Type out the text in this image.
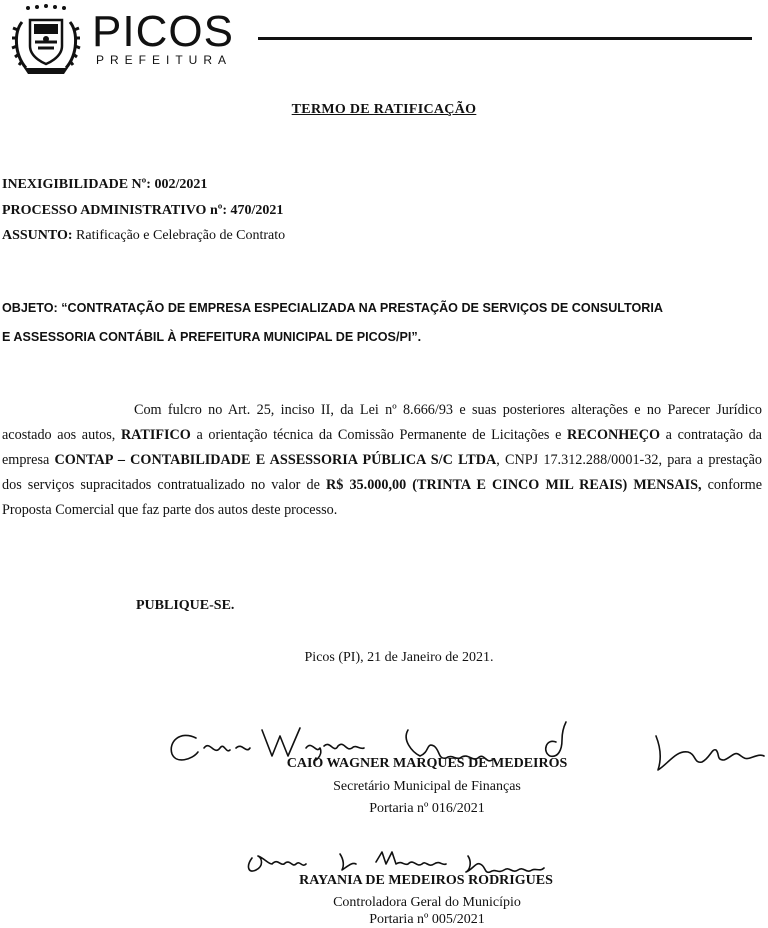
PICOS
PREFEITURA
TERMO DE RATIFICAÇÃO
INEXIGIBILIDADE Nº: 002/2021
PROCESSO ADMINISTRATIVO nº: 470/2021
ASSUNTO: Ratificação e Celebração de Contrato
OBJETO: “CONTRATAÇÃO DE EMPRESA ESPECIALIZADA NA PRESTAÇÃO DE SERVIÇOS DE CONSULTORIA
E ASSESSORIA CONTÁBIL À PREFEITURA MUNICIPAL DE PICOS/PI”.
Com fulcro no Art. 25, inciso II, da Lei nº 8.666/93 e suas posteriores alterações e no Parecer Jurídico acostado aos autos, RATIFICO a orientação técnica da Comissão Permanente de Licitações e RECONHEÇO a contratação da empresa CONTAP – CONTABILIDADE E ASSESSORIA PÚBLICA S/C LTDA, CNPJ 17.312.288/0001-32, para a prestação dos serviços supracitados contratualizado no valor de R$ 35.000,00 (TRINTA E CINCO MIL REAIS) MENSAIS, conforme Proposta Comercial que faz parte dos autos deste processo.
PUBLIQUE-SE.
Picos (PI), 21 de Janeiro de 2021.
CAIO WAGNER MARQUES DE MEDEIROS
Secretário Municipal de Finanças
Portaria nº 016/2021
RAYANIA DE MEDEIROS RODRIGUES
Controladora Geral do Município
Portaria nº 005/2021
